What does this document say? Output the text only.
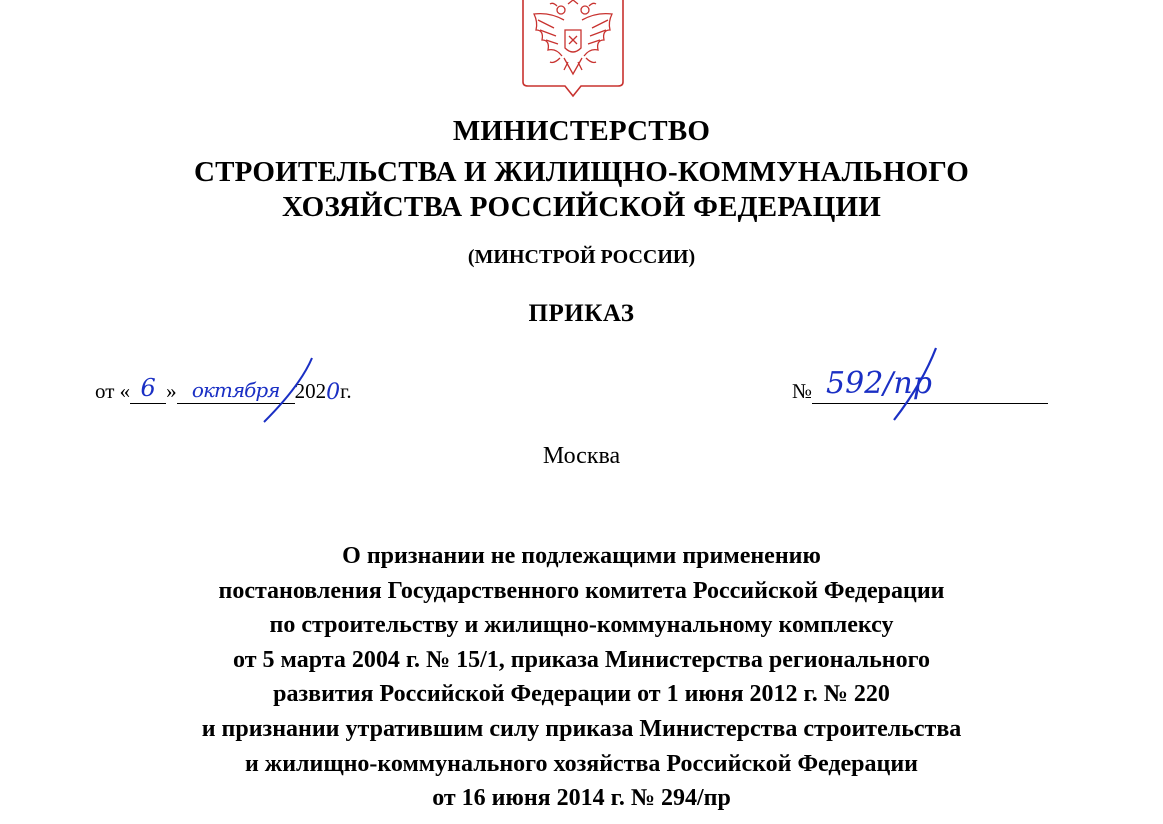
МИНИСТЕРСТВО
СТРОИТЕЛЬСТВА И ЖИЛИЩНО-КОММУНАЛЬНОГО
ХОЗЯЙСТВА РОССИЙСКОЙ ФЕДЕРАЦИИ
(МИНСТРОЙ РОССИИ)
ПРИКАЗ
от « 6 » октября 2020г.	№ 592/пр
Москва
О признании не подлежащими применению
постановления Государственного комитета Российской Федерации
по строительству и жилищно-коммунальному комплексу
от 5 марта 2004 г. № 15/1, приказа Министерства регионального
развития Российской Федерации от 1 июня 2012 г. № 220
и признании утратившим силу приказа Министерства строительства
и жилищно-коммунального хозяйства Российской Федерации
от 16 июня 2014 г. № 294/пр
